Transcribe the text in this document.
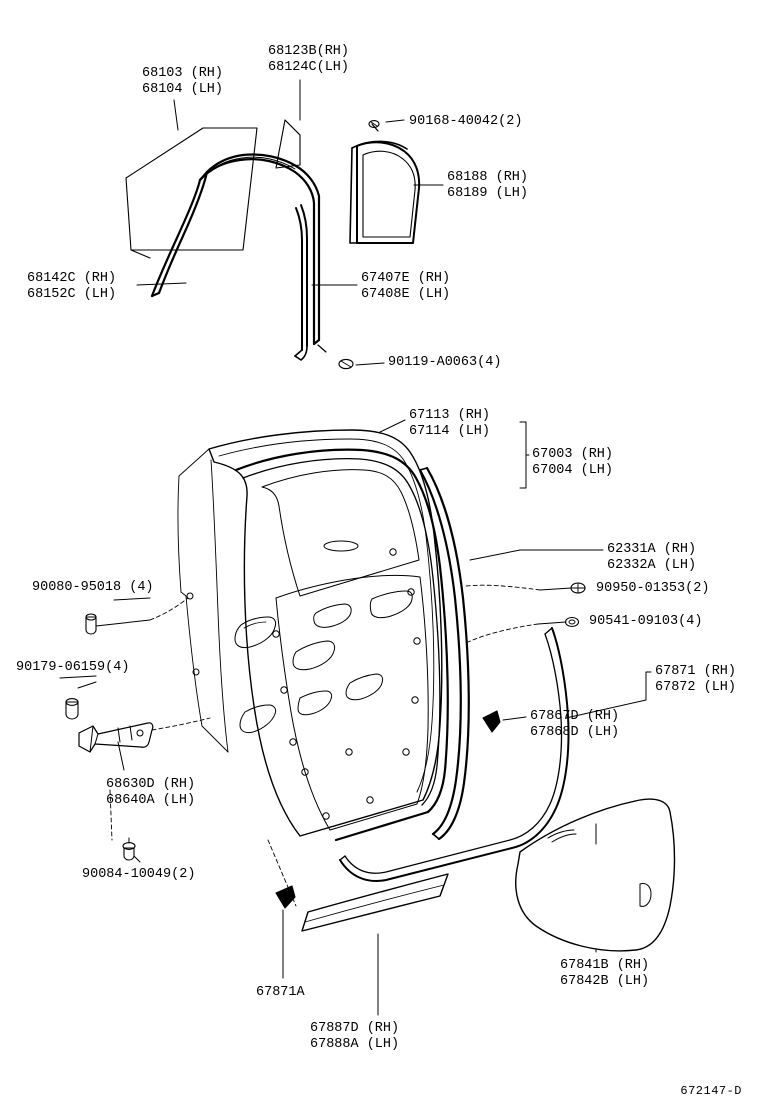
68103 (RH)
68104 (LH)
68123B(RH)
68124C(LH)
90168-40042(2)
68188 (RH)
68189 (LH)
68142C (RH)
68152C (LH)
67407E (RH)
67408E (LH)
90119-A0063(4)
67113 (RH)
67114 (LH)
67003 (RH)
67004 (LH)
62331A (RH)
62332A (LH)
90080-95018 (4)	90950-01353(2)
90541-09103(4)
90179-06159(4)	67871 (RH)
67872 (LH)
67867D (RH)
67868D (LH)
68630D (RH)
68640A (LH)
90084-10049(2)
67871A
67887D (RH)
67888A (LH)
67841B (RH)
67842B (LH)
672147-D
